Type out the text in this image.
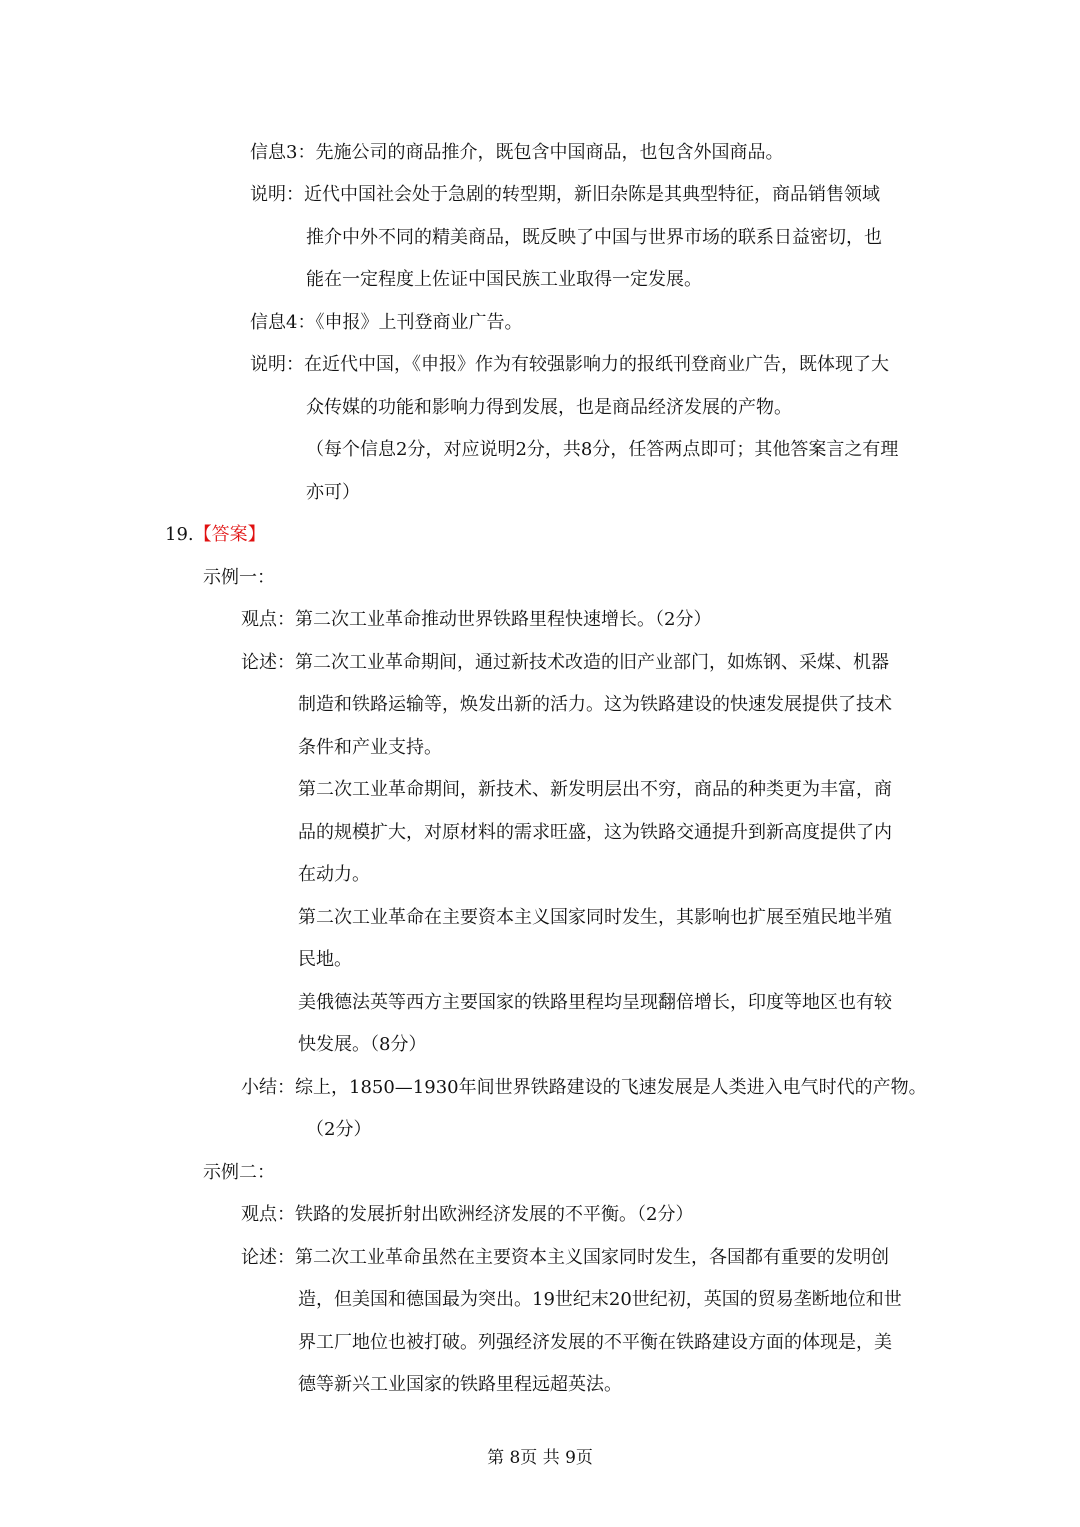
信息3：先施公司的商品推介，既包含中国商品，也包含外国商品。
说明：近代中国社会处于急剧的转型期，新旧杂陈是其典型特征，商品销售领域
推介中外不同的精美商品，既反映了中国与世界市场的联系日益密切，也
能在一定程度上佐证中国民族工业取得一定发展。
信息4：《申报》上刊登商业广告。
说明：在近代中国，《申报》作为有较强影响力的报纸刊登商业广告，既体现了大
众传媒的功能和影响力得到发展，也是商品经济发展的产物。
（每个信息2分，对应说明2分，共8分，任答两点即可；其他答案言之有理
亦可）
19.【答案】
示例一：
观点：第二次工业革命推动世界铁路里程快速增长。（2分）
论述：第二次工业革命期间，通过新技术改造的旧产业部门，如炼钢、采煤、机器
制造和铁路运输等，焕发出新的活力。这为铁路建设的快速发展提供了技术
条件和产业支持。
第二次工业革命期间，新技术、新发明层出不穷，商品的种类更为丰富，商
品的规模扩大，对原材料的需求旺盛，这为铁路交通提升到新高度提供了内
在动力。
第二次工业革命在主要资本主义国家同时发生，其影响也扩展至殖民地半殖
民地。
美俄德法英等西方主要国家的铁路里程均呈现翻倍增长，印度等地区也有较
快发展。（8分）
小结：综上，1850—1930年间世界铁路建设的飞速发展是人类进入电气时代的产物。
（2分）
示例二：
观点：铁路的发展折射出欧洲经济发展的不平衡。（2分）
论述：第二次工业革命虽然在主要资本主义国家同时发生，各国都有重要的发明创
造，但美国和德国最为突出。19世纪末20世纪初，英国的贸易垄断地位和世
界工厂地位也被打破。列强经济发展的不平衡在铁路建设方面的体现是，美
德等新兴工业国家的铁路里程远超英法。
第 8页 共 9页
